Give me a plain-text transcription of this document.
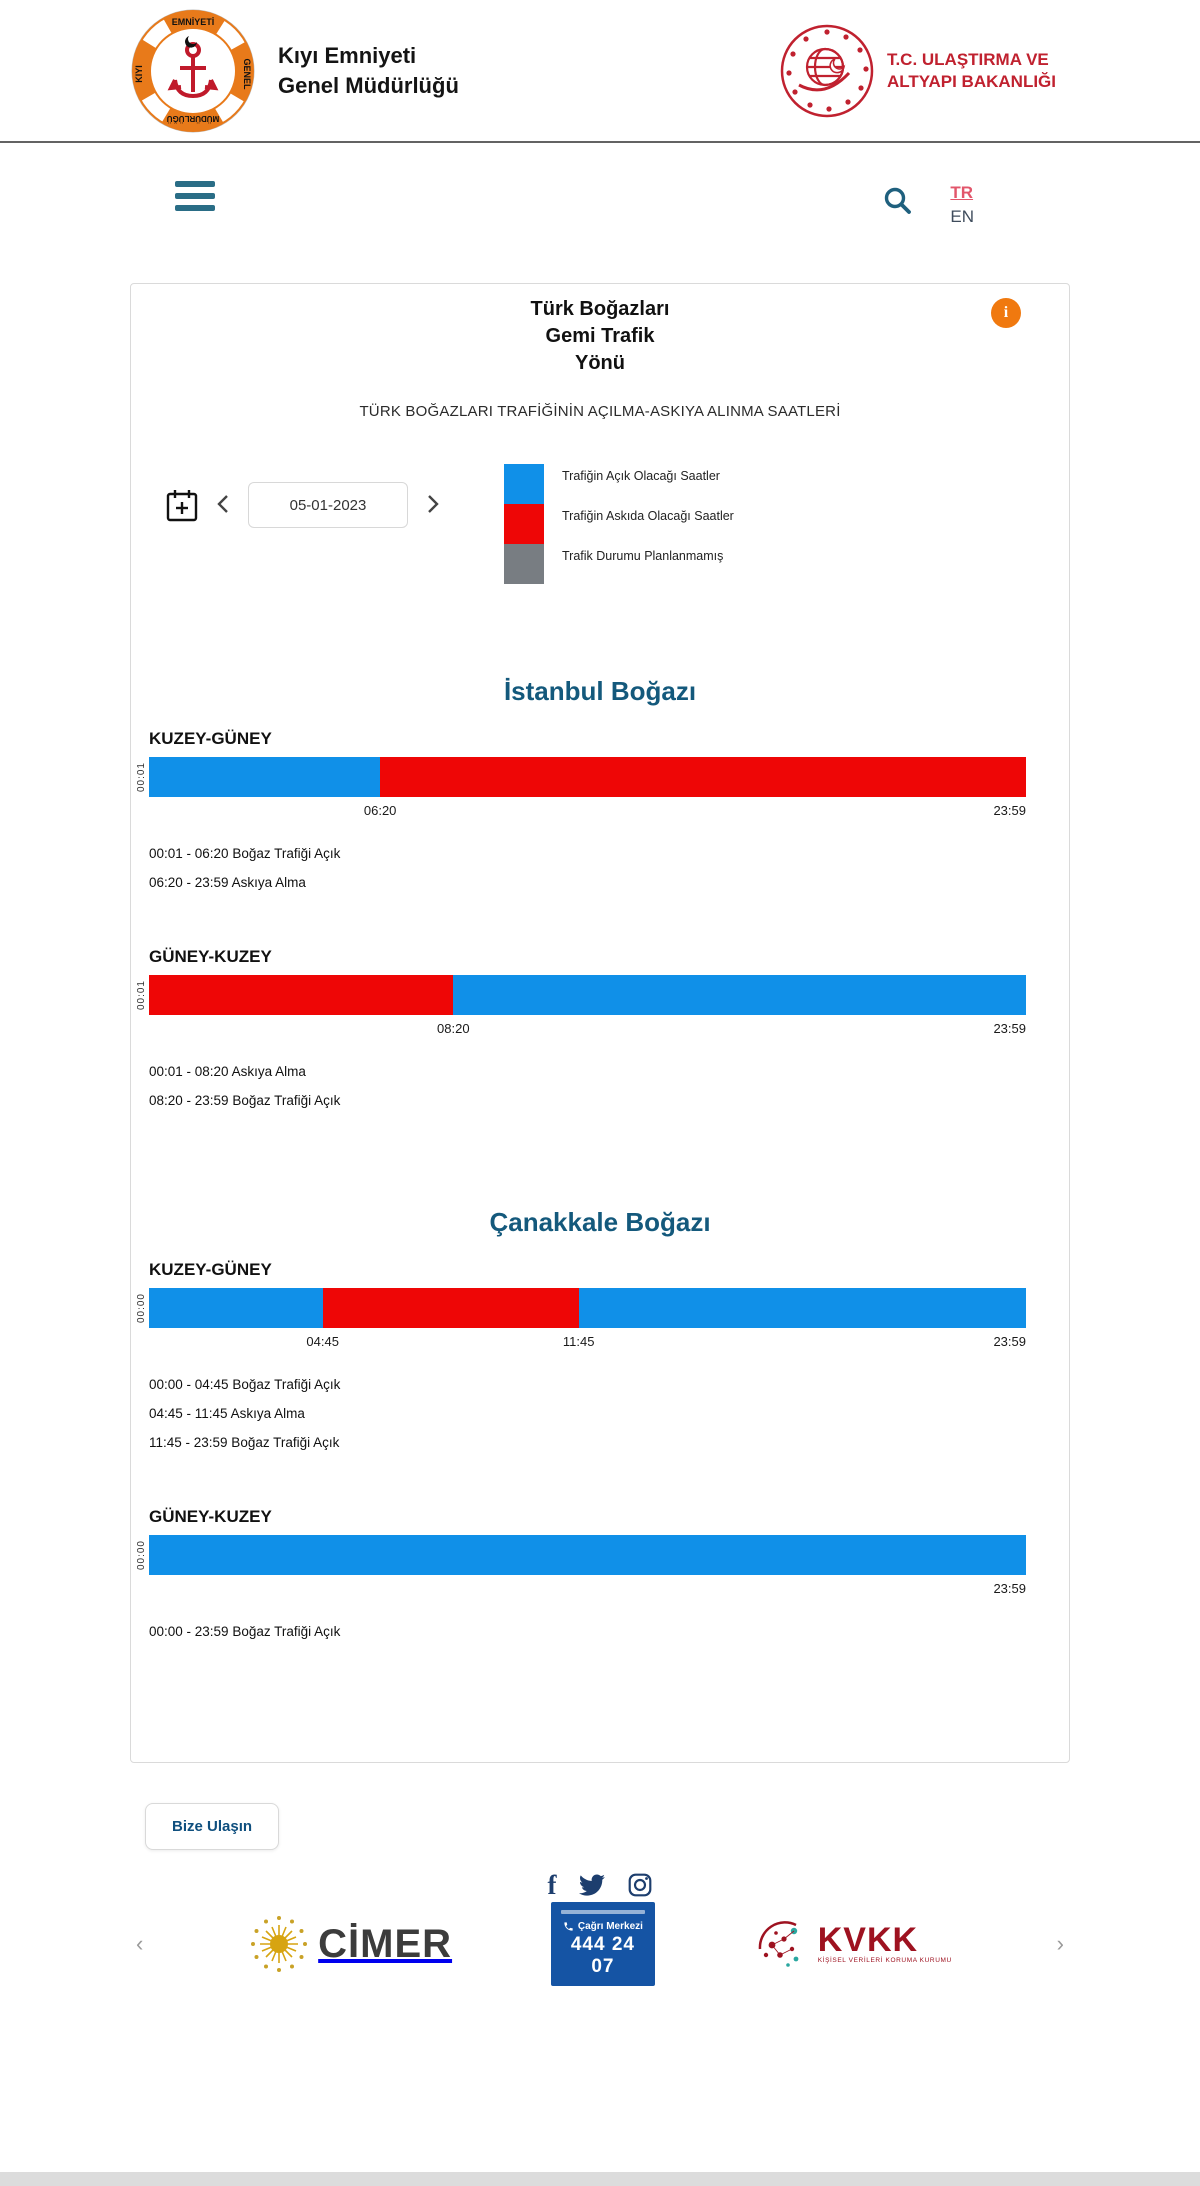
EMNİYETİ
KIYI	GENEL
MÜDÜRLÜĞÜ
Kıyı Emniyeti
Genel Müdürlüğü
T.C. ULAŞTIRMA VE
ALTYAPI BAKANLIĞI
TR
EN
i
Türk Boğazları
Gemi Trafik
Yönü
TÜRK BOĞAZLARI TRAFİĞİNİN AÇILMA-ASKIYA ALINMA SAATLERİ
05-01-2023
Trafiğin Açık Olacağı Saatler
Trafiğin Askıda Olacağı Saatler
Trafik Durumu Planlanmamış
İstanbul Boğazı
KUZEY-GÜNEY
00:01
06:20	23:59
00:01 - 06:20 Boğaz Trafiği Açık
06:20 - 23:59 Askıya Alma
GÜNEY-KUZEY
00:01
08:20	23:59
00:01 - 08:20 Askıya Alma
08:20 - 23:59 Boğaz Trafiği Açık
Çanakkale Boğazı
KUZEY-GÜNEY
00:00
04:45	11:45	23:59
00:00 - 04:45 Boğaz Trafiği Açık
04:45 - 11:45 Askıya Alma
11:45 - 23:59 Boğaz Trafiği Açık
GÜNEY-KUZEY
00:00
23:59
00:00 - 23:59 Boğaz Trafiği Açık
Bize Ulaşın
f
‹	CİMER	Çağrı Merkezi
444 24 07
KVKK
KİŞİSEL VERİLERİ KORUMA KURUMU
›
